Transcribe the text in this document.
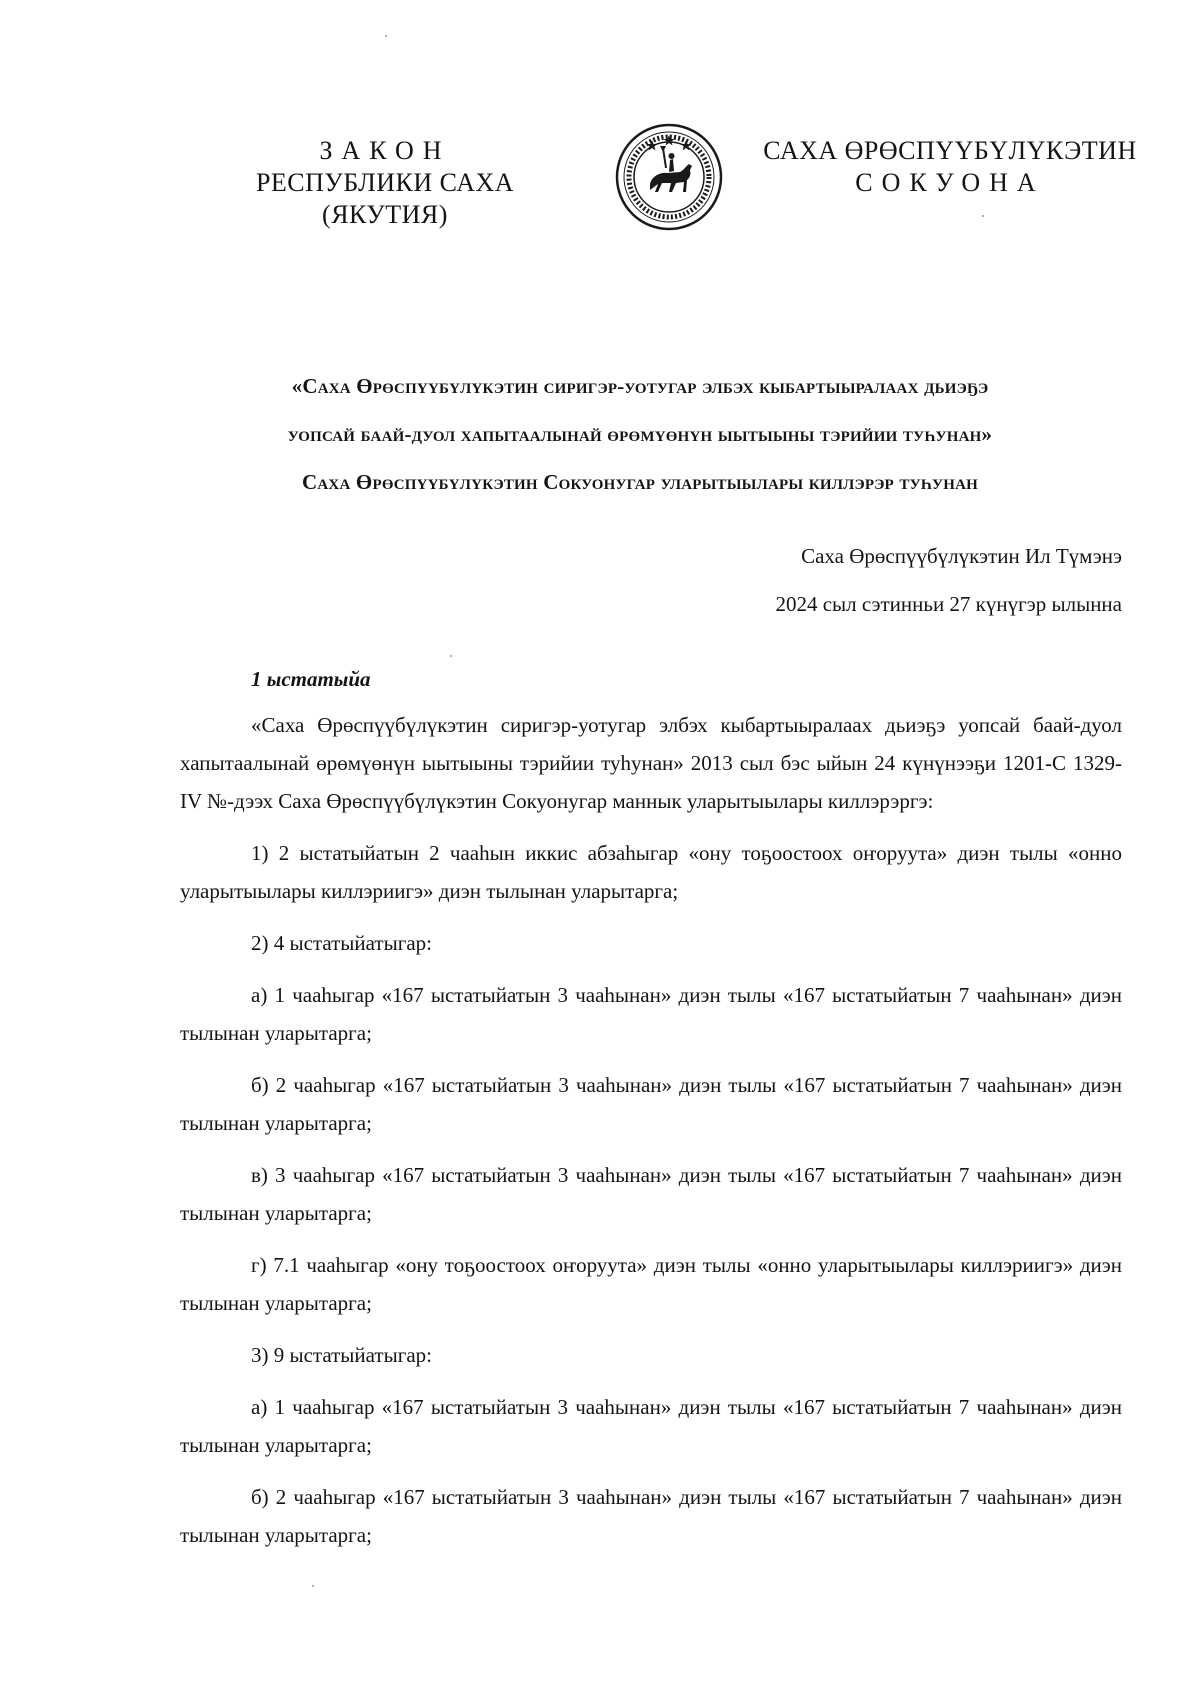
ЗАКОН
РЕСПУБЛИКИ САХА (ЯКУТИЯ)
САХА ӨРӨСПҮҮБҮЛҮКЭТИН
СОКУОНА
«Саха Өрөспүүбүлүкэтин сиригэр-уотугар элбэх кыбартыыралаах дьиэҕэ
уопсай баай-дуол хапытаалынай өрөмүөнүн ыытыыны тэрийии туһунан»
Саха Өрөспүүбүлүкэтин Сокуонугар уларытыылары киллэрэр туһунан
Саха Өрөспүүбүлүкэтин Ил Түмэнэ
2024 сыл сэтинньи 27 күнүгэр ылынна
1 ыстатыйа

«Саха Өрөспүүбүлүкэтин сиригэр-уотугар элбэх кыбартыыралаах дьиэҕэ уопсай баай-дуол хапытаалынай өрөмүөнүн ыытыыны тэрийии туһунан» 2013 сыл бэс ыйын 24 күнүнээҕи 1201-С 1329-IV №-дээх Саха Өрөспүүбүлүкэтин Сокуонугар маннык уларытыылары киллэрэргэ:

1) 2 ыстатыйатын 2 чааһын иккис абзаһыгар «ону тоҕоостоох оҥоруута» диэн тылы «онно уларытыылары киллэриигэ» диэн тылынан уларытарга;

2) 4 ыстатыйатыгар:

а) 1 чааһыгар «167 ыстатыйатын 3 чааһынан» диэн тылы «167 ыстатыйатын 7 чааһынан» диэн тылынан уларытарга;

б) 2 чааһыгар «167 ыстатыйатын 3 чааһынан» диэн тылы «167 ыстатыйатын 7 чааһынан» диэн тылынан уларытарга;

в) 3 чааһыгар «167 ыстатыйатын 3 чааһынан» диэн тылы «167 ыстатыйатын 7 чааһынан» диэн тылынан уларытарга;

г) 7.1 чааһыгар «ону тоҕоостоох оҥоруута» диэн тылы «онно уларытыылары киллэриигэ» диэн тылынан уларытарга;

3) 9 ыстатыйатыгар:

а) 1 чааһыгар «167 ыстатыйатын 3 чааһынан» диэн тылы «167 ыстатыйатын 7 чааһынан» диэн тылынан уларытарга;

б) 2 чааһыгар «167 ыстатыйатын 3 чааһынан» диэн тылы «167 ыстатыйатын 7 чааһынан» диэн тылынан уларытарга;
